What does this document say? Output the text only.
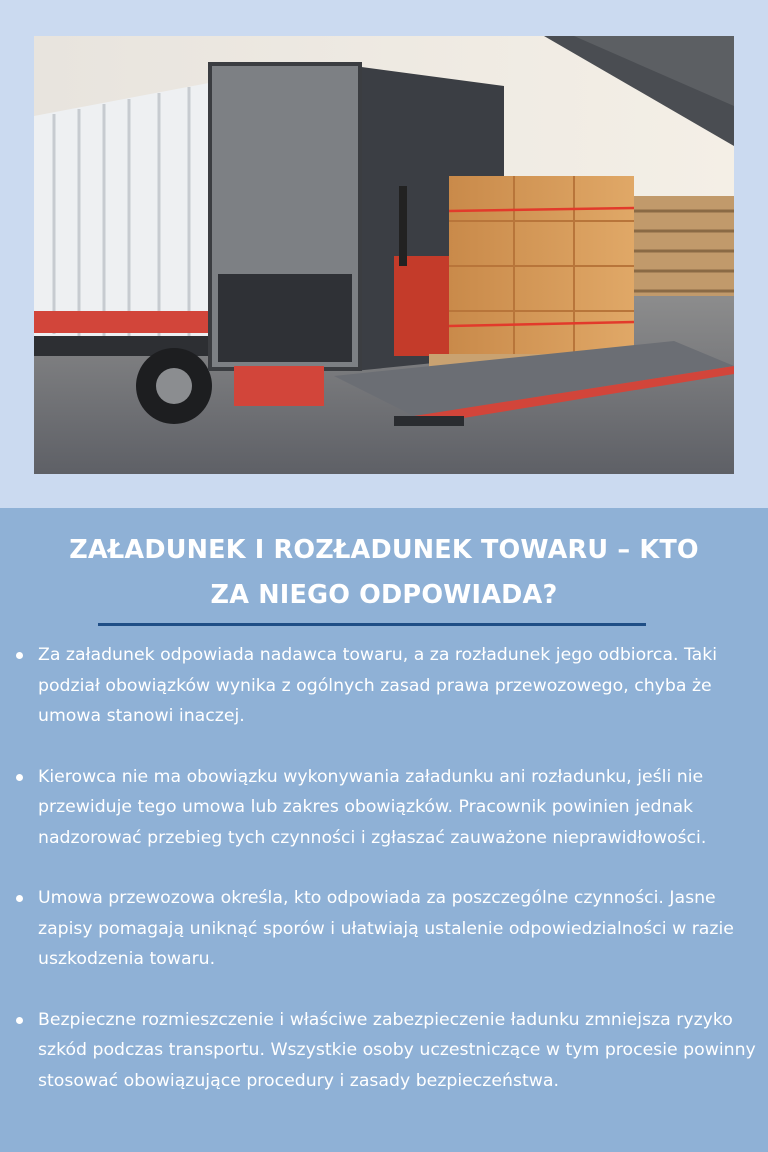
ZAŁADUNEK I ROZŁADUNEK TOWARU – KTO
ZA NIEGO ODPOWIADA?
Za załadunek odpowiada nadawca towaru, a za rozładunek jego odbiorca. Taki podział obowiązków wynika z ogólnych zasad prawa przewozowego, chyba że umowa stanowi inaczej.
Kierowca nie ma obowiązku wykonywania załadunku ani rozładunku, jeśli nie przewiduje tego umowa lub zakres obowiązków. Pracownik powinien jednak nadzorować przebieg tych czynności i zgłaszać zauważone nieprawidłowości.
Umowa przewozowa określa, kto odpowiada za poszczególne czynności. Jasne zapisy pomagają uniknąć sporów i ułatwiają ustalenie odpowiedzialności w razie uszkodzenia towaru.
Bezpieczne rozmieszczenie i właściwe zabezpieczenie ładunku zmniejsza ryzyko szkód podczas transportu. Wszystkie osoby uczestniczące w tym procesie powinny stosować obowiązujące procedury i zasady bezpieczeństwa.
